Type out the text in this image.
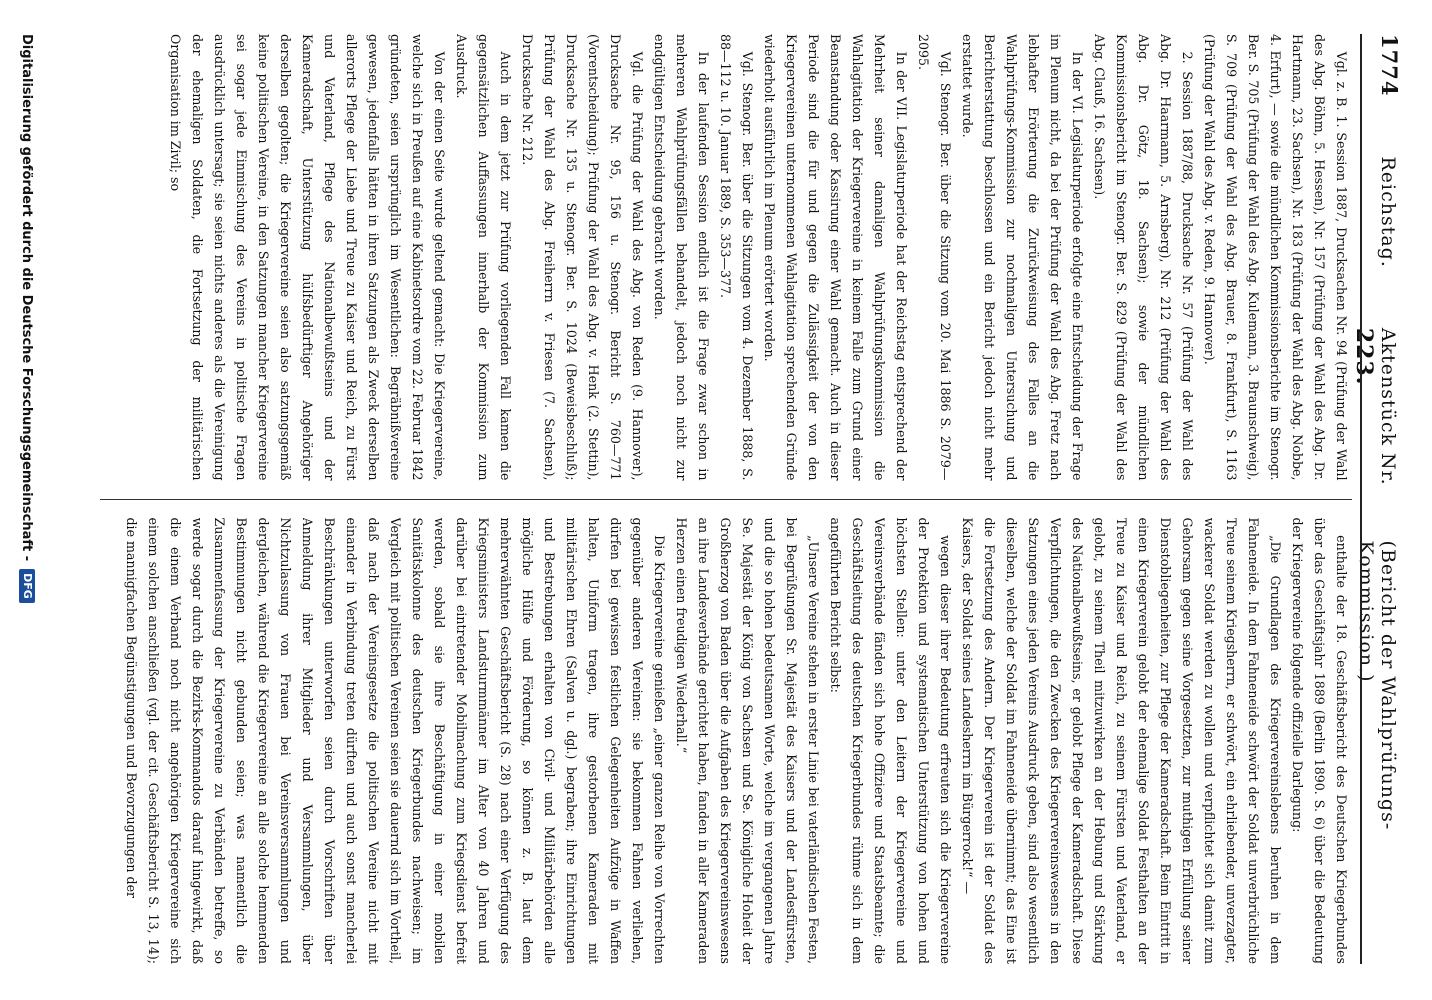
1774
Reichstag.
Aktenstück Nr. 223.
(Bericht der Wahlprüfungs-Kommission.)

Vgl. z. B. 1. Session 1887, Drucksachen Nr. 94 (Prüfung der Wahl des Abg. Böhm, 5. Hessen), Nr. 157 (Prüfung der Wahl des Abg. Dr. Hartmann, 23. Sachsen), Nr. 183 (Prüfung der Wahl des Abg. Nobbe, 4. Erfurt), — sowie die mündlichen Kommissionsberichte im Stenogr. Ber. S. 705 (Prüfung der Wahl des Abg. Kulemann, 3. Braunschweig), S. 709 (Prüfung der Wahl des Abg. Brauer, 8. Frankfurt), S. 1163 (Prüfung der Wahl des Abg. v. Reden, 9. Hannover).

2. Session 1887/88, Drucksache Nr. 57 (Prüfung der Wahl des Abg. Dr. Haarmann, 5. Arnsberg), Nr. 212 (Prüfung der Wahl des Abg. Dr. Götz, 18. Sachsen); sowie der mündlichen Kommissionsbericht im Stenogr. Ber. S. 829 (Prüfung der Wahl des Abg. Clauß, 16. Sachsen).

In der VI. Legislaturperiode erfolgte eine Entscheidung der Frage im Plenum nicht, da bei der Prüfung der Wahl des Abg. Fretz nach lebhafter Erörterung die Zurückweisung des Falles an die Wahlprüfungs-Kommission zur nochmaligen Untersuchung und Berichterstattung beschlossen und ein Bericht jedoch nicht mehr erstattet wurde.

Vgl. Stenogr. Ber. über die Sitzung vom 20. Mai 1886 S. 2079—2095.

In der VII. Legislaturperiode hat der Reichstag entsprechend der Mehrheit seiner damaligen Wahlprüfungskommission die Wahlagitation der Kriegervereine in keinem Falle zum Grund einer Beanstandung oder Kassirung einer Wahl gemacht. Auch in dieser Periode sind die für und gegen die Zulässigkeit der von den Kriegervereinen unternommenen Wahlagitation sprechenden Gründe wiederholt ausführlich im Plenum erörtert worden.

Vgl. Stenogr. Ber. über die Sitzungen vom 4. Dezember 1888, S. 88—112 u. 10. Januar 1889, S. 353—377.

In der laufenden Session endlich ist die Frage zwar schon in mehreren Wahlprüfungsfällen behandelt, jedoch noch nicht zur endgültigen Entscheidung gebracht worden.

Vgl. die Prüfung der Wahl des Abg. von Reden (9. Hannover), Drucksache Nr. 95, 156 u. Stenogr. Bericht S. 760—771 (Vorentscheidung); Prüfung der Wahl des Abg. v. Henk (2. Stettin), Drucksache Nr. 135 u. Stenogr. Ber. S. 1024 (Beweisbeschluß); Prüfung der Wahl des Abg. Freiherrn v. Friesen (7. Sachsen), Drucksache Nr. 212.

Auch in dem jetzt zur Prüfung vorliegenden Fall kamen die gegensätzlichen Auffassungen innerhalb der Kommission zum Ausdruck.

Von der einen Seite wurde geltend gemacht: Die Kriegervereine, welche sich in Preußen auf eine Kabinetsordre vom 22. Februar 1842 gründeten, seien ursprünglich im Wesentlichen: Begräbnißvereine gewesen, jedenfalls hätten in ihren Satzungen als Zweck derselben allerorts Pflege der Liebe und Treue zu Kaiser und Reich, zu Fürst und Vaterland, Pflege des Nationalbewußtseins und der Kameradschaft, Unterstützung hülfsbedürftiger Angehöriger derselben gegolten; die Kriegervereine seien also satzungsgemäß keine politischen Vereine, in den Satzungen mancher Kriegervereine sei sogar jede Einmischung des Vereins in politische Fragen ausdrücklich untersagt; sie seien nichts anderes als die Vereinigung der ehemaligen Soldaten, die Fortsetzung der militärischen Organisation im Zivil; so

enthalte der 18. Geschäftsbericht des Deutschen Kriegerbundes über das Geschäftsjahr 1889 (Berlin 1890. S. 6) über die Bedeutung der Kriegervereine folgende offizielle Darlegung:

„Die Grundlagen des Kriegervereinslebens beruhen in dem Fahneneide. In dem Fahneneide schwört der Soldat unverbrüchliche Treue seinem Kriegsherrn, er schwört, ein ehrliebender, unverzagter, wackerer Soldat werden zu wollen und verpflichtet sich damit zum Gehorsam gegen seine Vorgesetzten, zur muthigen Erfüllung seiner Dienstobliegenheiten, zur Pflege der Kameradschaft. Beim Eintritt in einen Kriegerverein gelobt der ehemalige Soldat Festhalten an der Treue zu Kaiser und Reich, zu seinem Fürsten und Vaterland, er gelobt, zu seinem Theil mitzuwirken an der Hebung und Stärkung des Nationalbewußtseins, er gelobt Pflege der Kameradschaft. Diese Verpflichtungen, die den Zwecken des Kriegervereinswesens in den Satzungen eines jeden Vereins Ausdruck geben, sind also wesentlich dieselben, welche der Soldat im Fahneneide übernimmt; das Eine ist die Fortsetzung des Andern. Der Kriegerverein ist der Soldat des Kaisers, der Soldat seines Landesherrn im Bürgerrock!“ —

wegen dieser ihrer Bedeutung erfreuten sich die Kriegervereine der Protektion und systematischen Unterstützung von hohen und höchsten Stellen: unter den Leitern der Kriegervereine und Vereinsverbände fänden sich hohe Offiziere und Staatsbeamte; die Geschäftsleitung des deutschen Kriegerbundes rühme sich in dem angeführten Bericht selbst:

„Unsere Vereine stehen in erster Linie bei vaterländischen Festen, bei Begrüßungen Sr. Majestät des Kaisers und der Landesfürsten, und die so hohen bedeutsamen Worte, welche im vergangenen Jahre Se. Majestät der König von Sachsen und Se. Königliche Hoheit der Großherzog von Baden über die Aufgaben des Kriegervereinswesens an ihre Landesverbände gerichtet haben, fanden in aller Kameraden Herzen einen freudigen Wiederhall.“

Die Kriegervereine genießen „einer ganzen Reihe von Vorrechten gegenüber anderen Vereinen: sie bekommen Fahnen verliehen, dürfen bei gewissen festlichen Gelegenheiten Aufzüge in Waffen halten, Uniform tragen, ihre gestorbenen Kameraden mit militärischen Ehren (Salven u. dgl.) begraben; ihre Einrichtungen und Bestrebungen erhalten von Civil- und Militärbehörden alle mögliche Hülfe und Förderung, so können z. B. laut dem mehrerwähnten Geschäftsbericht (S. 28) nach einer Verfügung des Kriegsministers Landsturmmänner im Alter von 40 Jahren und darüber bei eintretender Mobilmachung zum Kriegsdienst befreit werden, sobald sie ihre Beschäftigung in einer mobilen Sanitätskolonne des deutschen Kriegerbundes nachweisen; im Vergleich mit politischen Vereinen seien sie dauernd sich im Vortheil, daß nach der Vereinsgesetze die politischen Vereine nicht mit einander in Verbindung treten dürften und auch sonst mancherlei Beschränkungen unterworfen seien durch Vorschriften über Anmeldung ihrer Mitglieder und Versammlungen, über Nichtzulassung von Frauen bei Vereinsversammlungen und dergleichen, während die Kriegervereine an alle solche hemmenden Bestimmungen nicht gebunden seien; was namentlich die Zusammenfassung der Kriegervereine zu Verbänden betreffe, so werde sogar durch die Bezirks-Kommandos darauf hingewirkt, daß die einem Verband noch nicht angehörigen Kriegervereine sich einem solchen anschließen (vgl. der cit. Geschäftsbericht S. 13, 14); die mannigfachen Begünstigungen und Bevorzugungen der

Digitalisierung gefördert durch die Deutsche Forschungsgemeinschaft -
DFG
